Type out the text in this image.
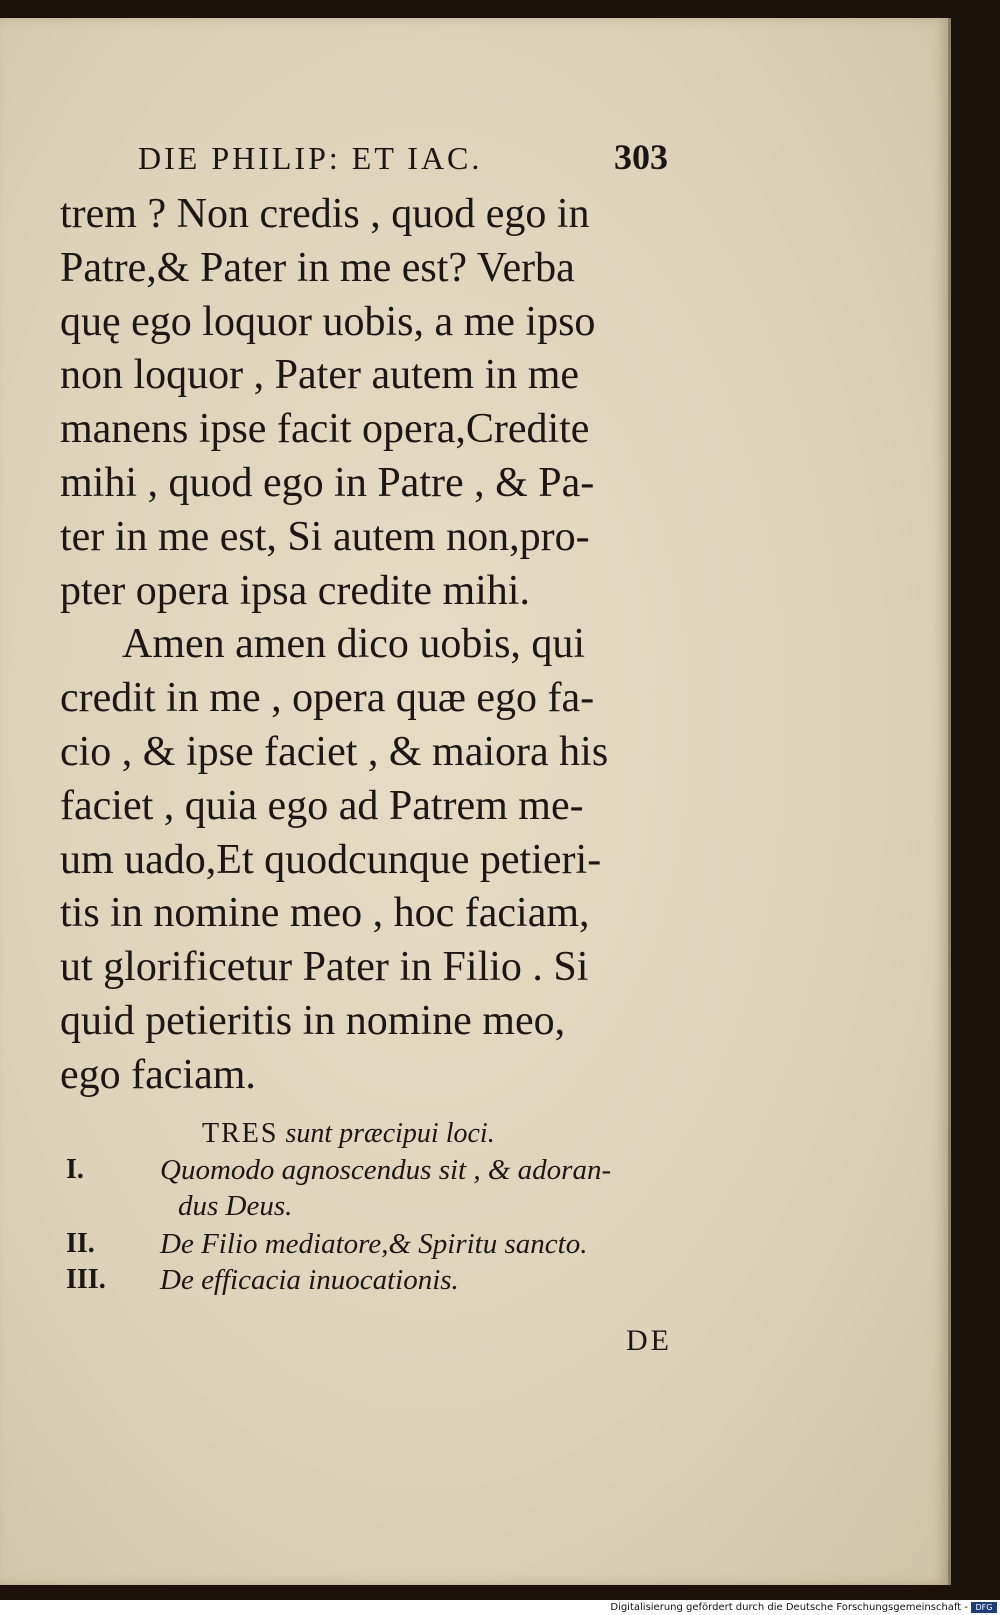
DIE PHILIP: ET IAC.	303
trem ? Non credis , quod ego in
Patre,& Pater in me est? Verba
quę ego loquor uobis, a me ipso
non loquor , Pater autem in me
manens ipse facit opera,Credite
mihi , quod ego in Patre , & Pa-
ter in me est, Si autem non,pro-
pter opera ipsa credite mihi.
Amen amen dico uobis, qui
credit in me , opera quæ ego fa-
cio , & ipse faciet , & maiora his
faciet , quia ego ad Patrem me-
um uado,Et quodcunque petieri-
tis in nomine meo , hoc faciam,
ut glorificetur Pater in Filio . Si
quid petieritis in nomine meo,
ego faciam.
TRES sunt præcipui loci.
I.	Quomodo agnoscendus sit , & adoran-
dus Deus.
II. De Filio mediatore,& Spiritu sancto.
III. De efficacia inuocationis.
DE
Digitalisierung gefördert durch die Deutsche Forschungsgemeinschaft - DFG
